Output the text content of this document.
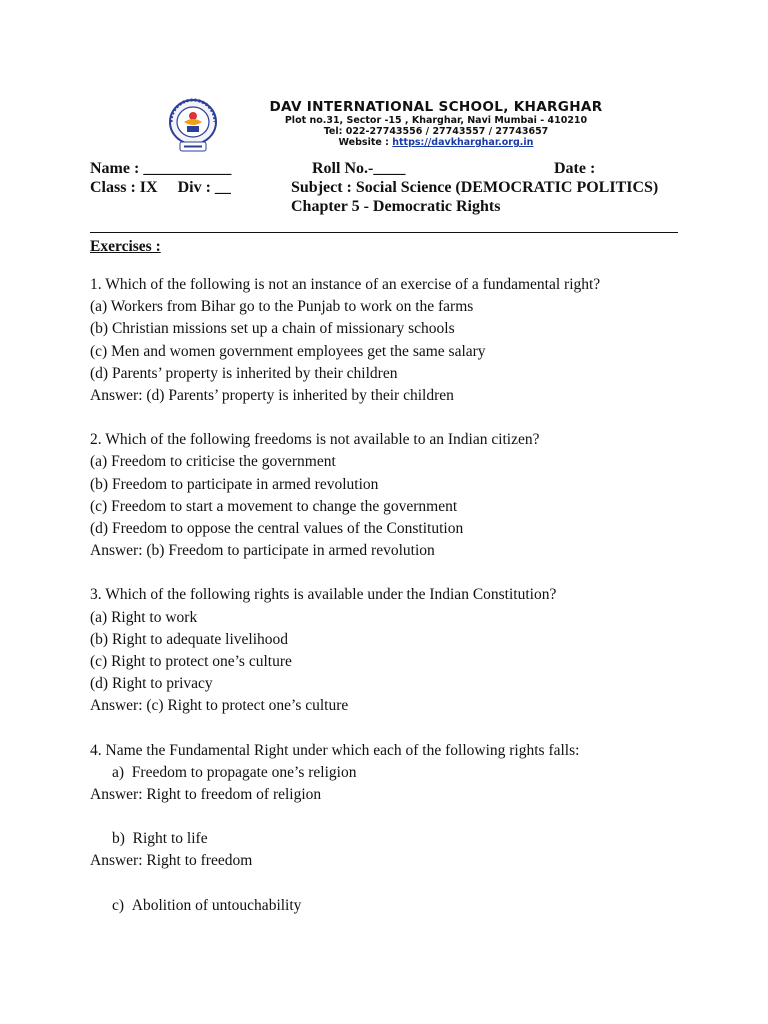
DAV INTERNATIONAL SCHOOL, KHARGHAR
Plot no.31, Sector -15 , Kharghar, Navi Mumbai - 410210
Tel: 022-27743556 / 27743557 / 27743657
Website : https://davkharghar.org.in
Name : ___________	Roll No.-____	Date :
Class : IX     Div : __	Subject : Social Science (DEMOCRATIC POLITICS)
Chapter 5 - Democratic Rights
Exercises :
1. Which of the following is not an instance of an exercise of a fundamental right?
(a) Workers from Bihar go to the Punjab to work on the farms
(b) Christian missions set up a chain of missionary schools
(c) Men and women government employees get the same salary
(d) Parents’ property is inherited by their children
Answer: (d) Parents’ property is inherited by their children
2. Which of the following freedoms is not available to an Indian citizen?
(a) Freedom to criticise the government
(b) Freedom to participate in armed revolution
(c) Freedom to start a movement to change the government
(d) Freedom to oppose the central values of the Constitution
Answer: (b) Freedom to participate in armed revolution
3. Which of the following rights is available under the Indian Constitution?
(a) Right to work
(b) Right to adequate livelihood
(c) Right to protect one’s culture
(d) Right to privacy
Answer: (c) Right to protect one’s culture
4. Name the Fundamental Right under which each of the following rights falls:
a)  Freedom to propagate one’s religion
Answer: Right to freedom of religion
b)  Right to life
Answer: Right to freedom
c)  Abolition of untouchability
